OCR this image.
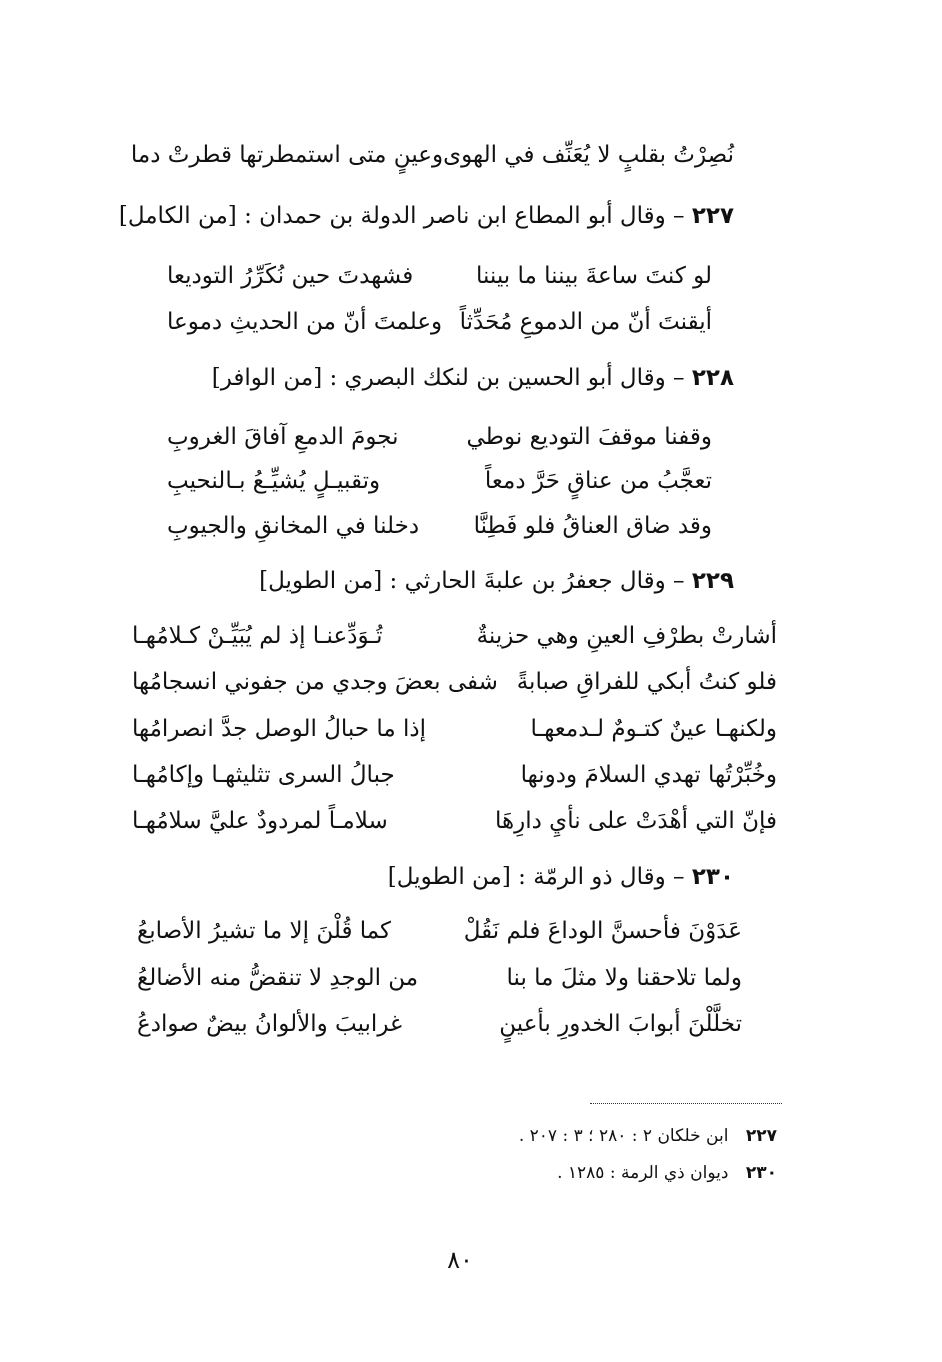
نُصِرْتُ بقلبٍ لا يُعَنِّف في الهوى
وعينٍ متى استمطرتها قطرتْ دما
٢٢٧ – وقال أبو المطاع ابن ناصر الدولة بن حمدان : [من الكامل]
لو كنتَ ساعةَ بيننا ما بيننا
فشهدتَ حين نُكَرِّرُ التوديعا
أيقنتَ أنّ من الدموعِ مُحَدِّثاً
وعلمتَ أنّ من الحديثِ دموعا
٢٢٨ – وقال أبو الحسين بن لنكك البصري : [من الوافر]
وقفنا موقفَ التوديع نوطي
نجومَ الدمعِ آفاقَ الغروبِ
تعجَّبُ من عناقٍ حَرَّ دمعاً
وتقبيـلٍ يُشيِّـعُ بـالنحيبِ
وقد ضاق العناقُ فلو فَطِنَّا
دخلنا في المخانقِ والجيوبِ
٢٢٩ – وقال جعفرُ بن علبةَ الحارثي : [من الطويل]
أشارتْ بطرْفِ العينِ وهي حزينةٌ
تُـوَدِّعنـا إذ لم يُبَيِّـنْ كـلامُهـا
فلو كنتُ أبكي للفراقِ صبابةً
شفى بعضَ وجدي من جفوني انسجامُها
ولكنهـا عينٌ كتـومٌ لـدمعهـا
إذا ما حبالُ الوصل جدَّ انصرامُها
وخُبِّرْتُها تهدي السلامَ ودونها
جبالُ السرى تثليثهـا وإكامُهـا
فإنّ التي أهْدَتْ على نأيِ دارِهَا
سلامـاً لمردودٌ عليَّ سلامُهـا
٢٣٠ – وقال ذو الرمّة : [من الطويل]
عَدَوْنَ فأحسنَّ الوداعَ فلم نَقُلْ
كما قُلْنَ إلا ما تشيرُ الأصابعُ
ولما تلاحقنا ولا مثلَ ما بنا
من الوجدِ لا تنقضُّ منه الأضالعُ
تخلَّلْنَ أبوابَ الخدورِ بأعينٍ
غرابيبَ والألوانُ بيضٌ صوادعُ
٢٢٧ ابن خلكان ٢ : ٢٨٠ ؛ ٣ : ٢٠٧ .
٢٣٠ ديوان ذي الرمة : ١٢٨٥ .
٨٠
